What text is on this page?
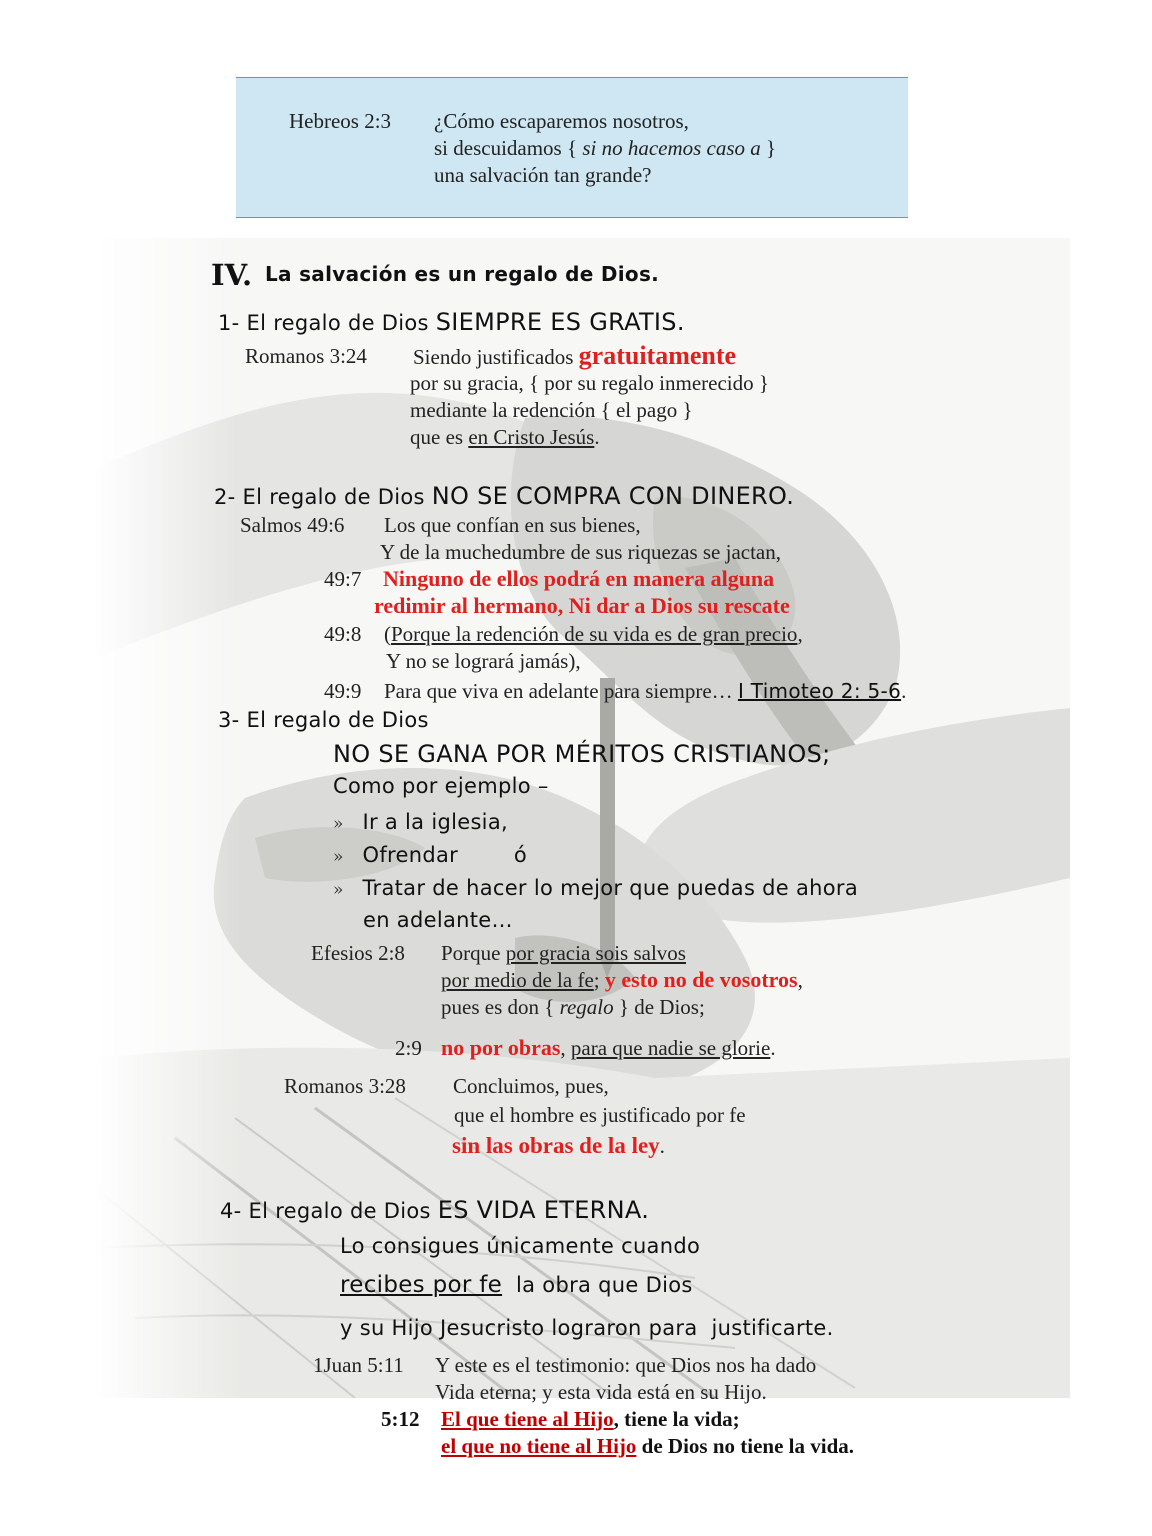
Hebreos 2:3 ¿Cómo escaparemos nosotros,
si descuidamos { si no hacemos caso a }
una salvación tan grande?
IV. La salvación es un regalo de Dios.
1- El regalo de Dios SIEMPRE ES GRATIS.
Romanos 3:24 Siendo justificados gratuitamente
por su gracia, { por su regalo inmerecido }
mediante la redención { el pago }
que es en Cristo Jesús.
2- El regalo de Dios NO SE COMPRA CON DINERO.
Salmos 49:6 Los que confían en sus bienes,
Y de la muchedumbre de sus riquezas se jactan,
49:7 Ninguno de ellos podrá en manera alguna
redimir al hermano, Ni dar a Dios su rescate
49:8 (Porque la redención de su vida es de gran precio,
Y no se logrará jamás),
49:9 Para que viva en adelante para siempre… I Timoteo 2: 5-6.
3- El regalo de Dios
NO SE GANA POR MÉRITOS CRISTIANOS;
Como por ejemplo –
» Ir a la iglesia,
» Ofrendar        ó
» Tratar de hacer lo mejor que puedas de ahora
en adelante…
Efesios 2:8 Porque por gracia sois salvos
por medio de la fe; y esto no de vosotros,
pues es don { regalo } de Dios;
2:9 no por obras, para que nadie se glorie.
Romanos 3:28 Concluimos, pues,
que el hombre es justificado por fe
sin las obras de la ley.
4- El regalo de Dios ES VIDA ETERNA.
Lo consigues únicamente cuando
recibes por fe  la obra que Dios
y su Hijo Jesucristo lograron para  justificarte.
1Juan 5:11 Y este es el testimonio: que Dios nos ha dado
Vida eterna; y esta vida está en su Hijo.
5:12 El que tiene al Hijo, tiene la vida;
el que no tiene al Hijo de Dios no tiene la vida.
